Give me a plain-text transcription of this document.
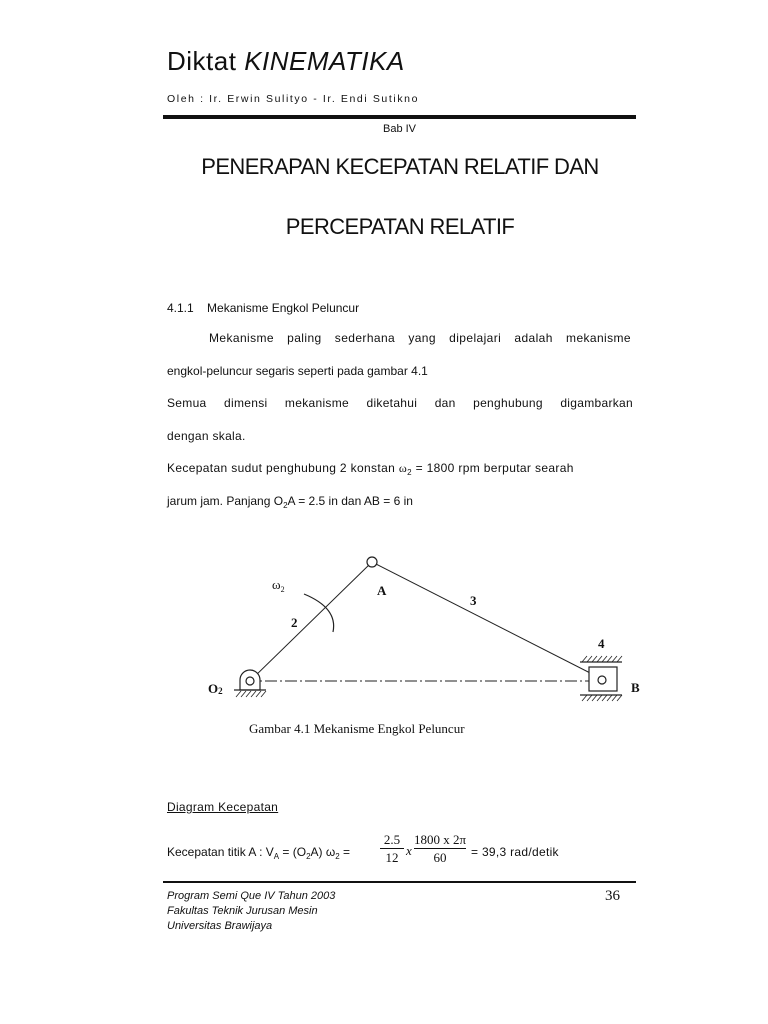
Diktat KINEMATIKA
Oleh : Ir. Erwin Sulityo - Ir. Endi Sutikno
Bab IV
PENERAPAN KECEPATAN RELATIF DAN
PERCEPATAN RELATIF
4.1.1    Mekanisme Engkol Peluncur
Mekanisme paling sederhana yang dipelajari adalah mekanisme
engkol-peluncur segaris seperti pada gambar 4.1
Semua dimensi mekanisme diketahui dan penghubung digambarkan
dengan skala.
Kecepatan sudut penghubung 2 konstan $\omega_2 = 1800$ rpm berputar searah
jarum jam. Panjang $O_2A = 2.5$ in dan AB = 6 in
$\omega_2$	A
3
2
4
O2	B
Gambar 4.1 Mekanisme Engkol Peluncur
Diagram Kecepatan
Kecepatan titik A : $V_A = (O_2A) \omega_2$ =
2.5
12 x
1800 x 2π
60	= 39,3 rad/detik
Program Semi Que IV Tahun 2003
Fakultas Teknik Jurusan Mesin
Universitas Brawijaya
36
